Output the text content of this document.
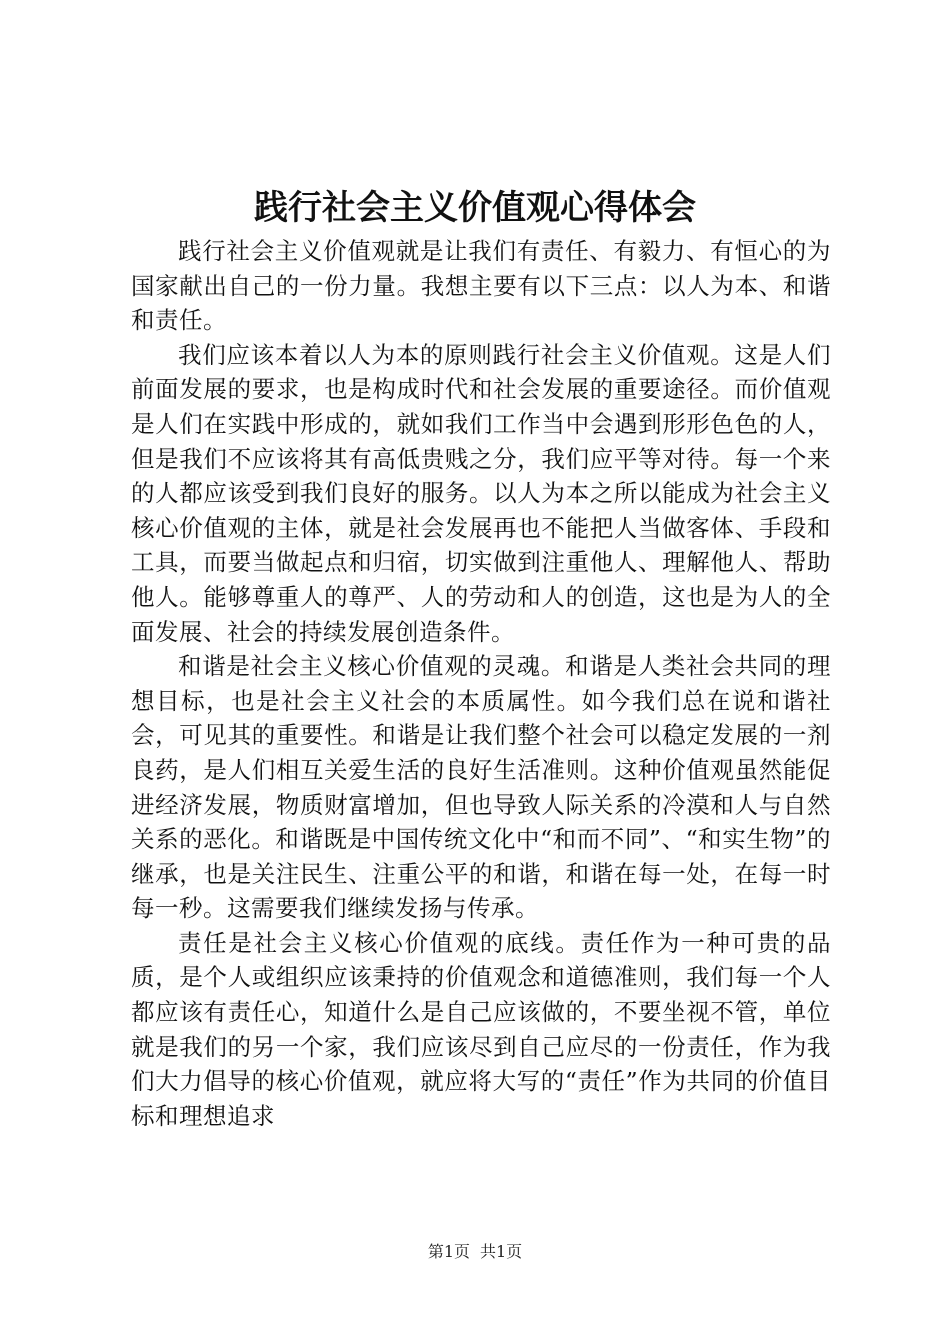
践行社会主义价值观心得体会

践行社会主义价值观就是让我们有责任、有毅力、有恒心的为国家献出自己的一份力量。我想主要有以下三点：以人为本、和谐和责任。

我们应该本着以人为本的原则践行社会主义价值观。这是人们前面发展的要求，也是构成时代和社会发展的重要途径。而价值观是人们在实践中形成的，就如我们工作当中会遇到形形色色的人，但是我们不应该将其有高低贵贱之分，我们应平等对待。每一个来的人都应该受到我们良好的服务。以人为本之所以能成为社会主义核心价值观的主体，就是社会发展再也不能把人当做客体、手段和工具，而要当做起点和归宿，切实做到注重他人、理解他人、帮助他人。能够尊重人的尊严、人的劳动和人的创造，这也是为人的全面发展、社会的持续发展创造条件。

和谐是社会主义核心价值观的灵魂。和谐是人类社会共同的理想目标，也是社会主义社会的本质属性。如今我们总在说和谐社会，可见其的重要性。和谐是让我们整个社会可以稳定发展的一剂良药，是人们相互关爱生活的良好生活准则。这种价值观虽然能促进经济发展，物质财富增加，但也导致人际关系的冷漠和人与自然关系的恶化。和谐既是中国传统文化中“和而不同”、“和实生物”的继承，也是关注民生、注重公平的和谐，和谐在每一处，在每一时每一秒。这需要我们继续发扬与传承。

责任是社会主义核心价值观的底线。责任作为一种可贵的品质，是个人或组织应该秉持的价值观念和道德准则，我们每一个人都应该有责任心，知道什么是自己应该做的，不要坐视不管，单位就是我们的另一个家，我们应该尽到自己应尽的一份责任，作为我们大力倡导的核心价值观，就应将大写的“责任”作为共同的价值目标和理想追求

第1页 共1页
